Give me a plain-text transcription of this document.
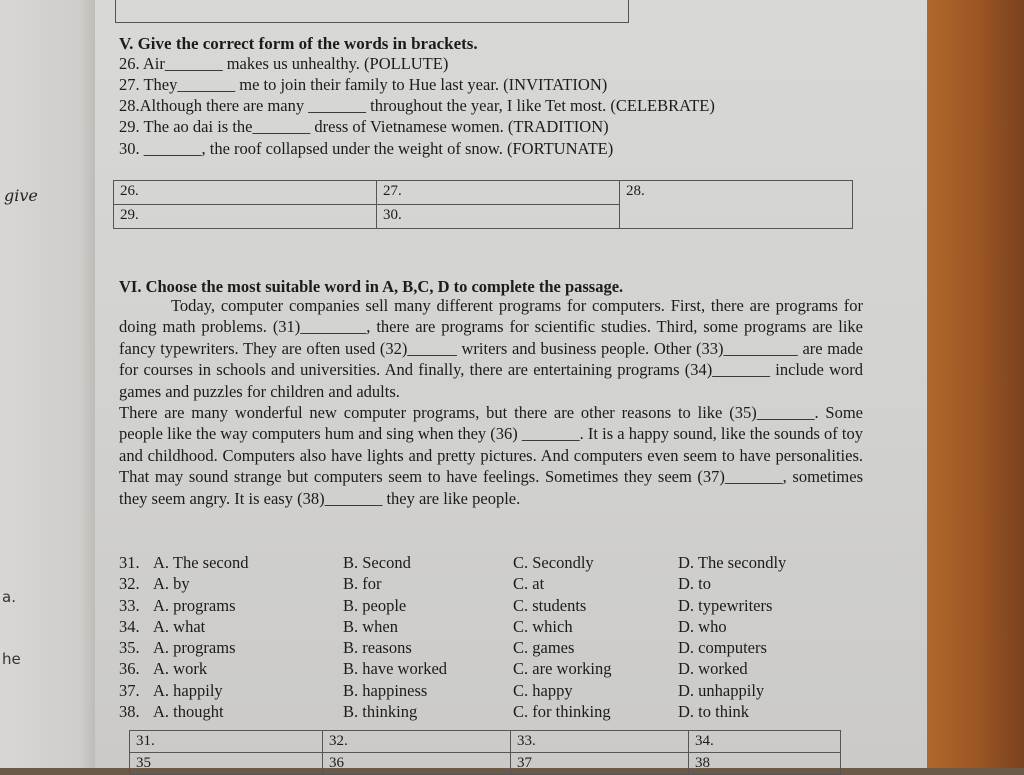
give
a.
he
V. Give the correct form of the words in brackets.
26. Air_______ makes us unhealthy. (POLLUTE)
27. They_______ me to join their family to Hue last year. (INVITATION)
28.Although there are many _______ throughout the year, I like Tet most. (CELEBRATE)
29. The ao dai is the_______ dress of Vietnamese women. (TRADITION)
30. _______, the roof collapsed under the weight of snow. (FORTUNATE)
26.	27.	28.
29.	30.	
VI. Choose the most suitable word in A, B,C, D to complete the passage.

Today, computer companies sell many different programs for computers. First, there are programs for doing math problems. (31)________, there are programs for scientific studies. Third, some programs are like fancy typewriters. They are often used (32)______ writers and business people. Other (33)_________ are made for courses in schools and universities. And finally, there are entertaining programs (34)_______ include word games and puzzles for children and adults.

There are many wonderful new computer programs, but there are other reasons to like (35)_______. Some people like the way computers hum and sing when they (36) _______. It is a happy sound, like the sounds of toy and childhood. Computers also have lights and pretty pictures. And computers even seem to have personalities. That may sound strange but computers seem to have feelings. Sometimes they seem (37)_______, sometimes they seem angry. It is easy (38)_______ they are like people.

31. A. The second	B. Second	C. Secondly	D. The secondly
32. A. by	B. for	C. at	D. to
33. A. programs	B. people	C. students	D. typewriters
34. A. what	B. when	C. which	D. who
35. A. programs	B. reasons	C. games	D. computers
36. A. work	B. have worked	C. are working	D. worked
37. A. happily	B. happiness	C. happy	D. unhappily
38. A. thought	B. thinking	C. for thinking	D. to think
31.	32.	33.	34.
35	36	37	38
